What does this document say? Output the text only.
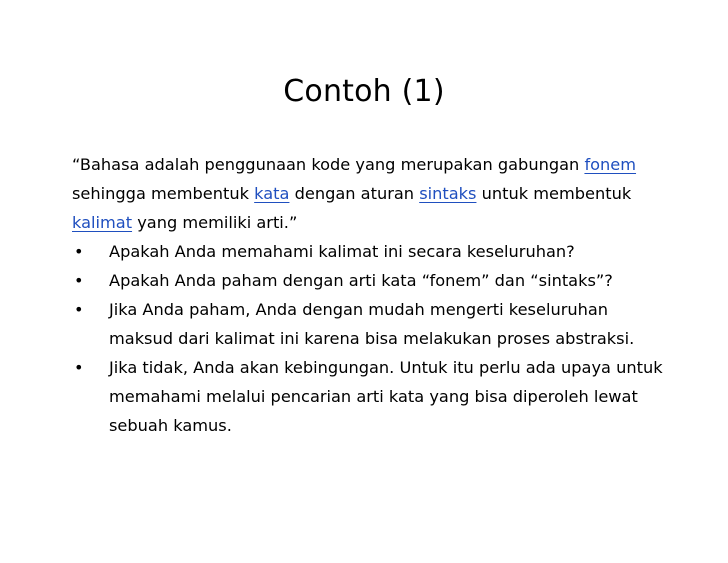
Contoh (1)

“Bahasa adalah penggunaan kode yang merupakan gabungan fonem sehingga membentuk kata dengan aturan sintaks untuk membentuk kalimat yang memiliki arti.”

• Apakah Anda memahami kalimat ini secara keseluruhan?
• Apakah Anda paham dengan arti kata “fonem” dan “sintaks”?
• Jika Anda paham, Anda dengan mudah mengerti keseluruhan maksud dari kalimat ini karena bisa melakukan proses abstraksi.
• Jika tidak, Anda akan kebingungan. Untuk itu perlu ada upaya untuk memahami melalui pencarian arti kata yang bisa diperoleh lewat sebuah kamus.
